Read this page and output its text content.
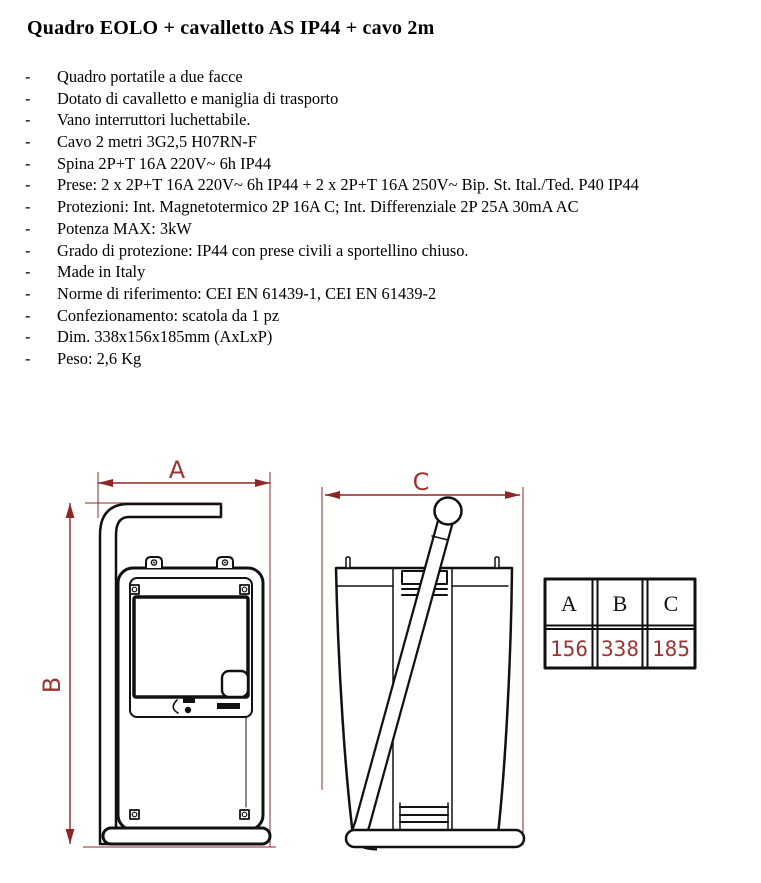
Quadro EOLO + cavalletto AS IP44 + cavo 2m
- Quadro portatile a due facce
- Dotato di cavalletto e maniglia di trasporto
- Vano interruttori luchettabile.
- Cavo 2 metri 3G2,5 H07RN-F
- Spina 2P+T 16A 220V~ 6h IP44
- Prese: 2 x 2P+T 16A 220V~ 6h IP44 + 2 x 2P+T 16A 250V~ Bip. St. Ital./Ted. P40 IP44
- Protezioni: Int. Magnetotermico 2P 16A C; Int. Differenziale 2P 25A 30mA AC
- Potenza MAX: 3kW
- Grado di protezione: IP44 con prese civili a sportellino chiuso.
- Made in Italy
- Norme di riferimento: CEI EN 61439-1, CEI EN 61439-2
- Confezionamento: scatola da 1 pz
- Dim. 338x156x185mm (AxLxP)
- Peso: 2,6 Kg
A
B
C
A B C
156 338 185
